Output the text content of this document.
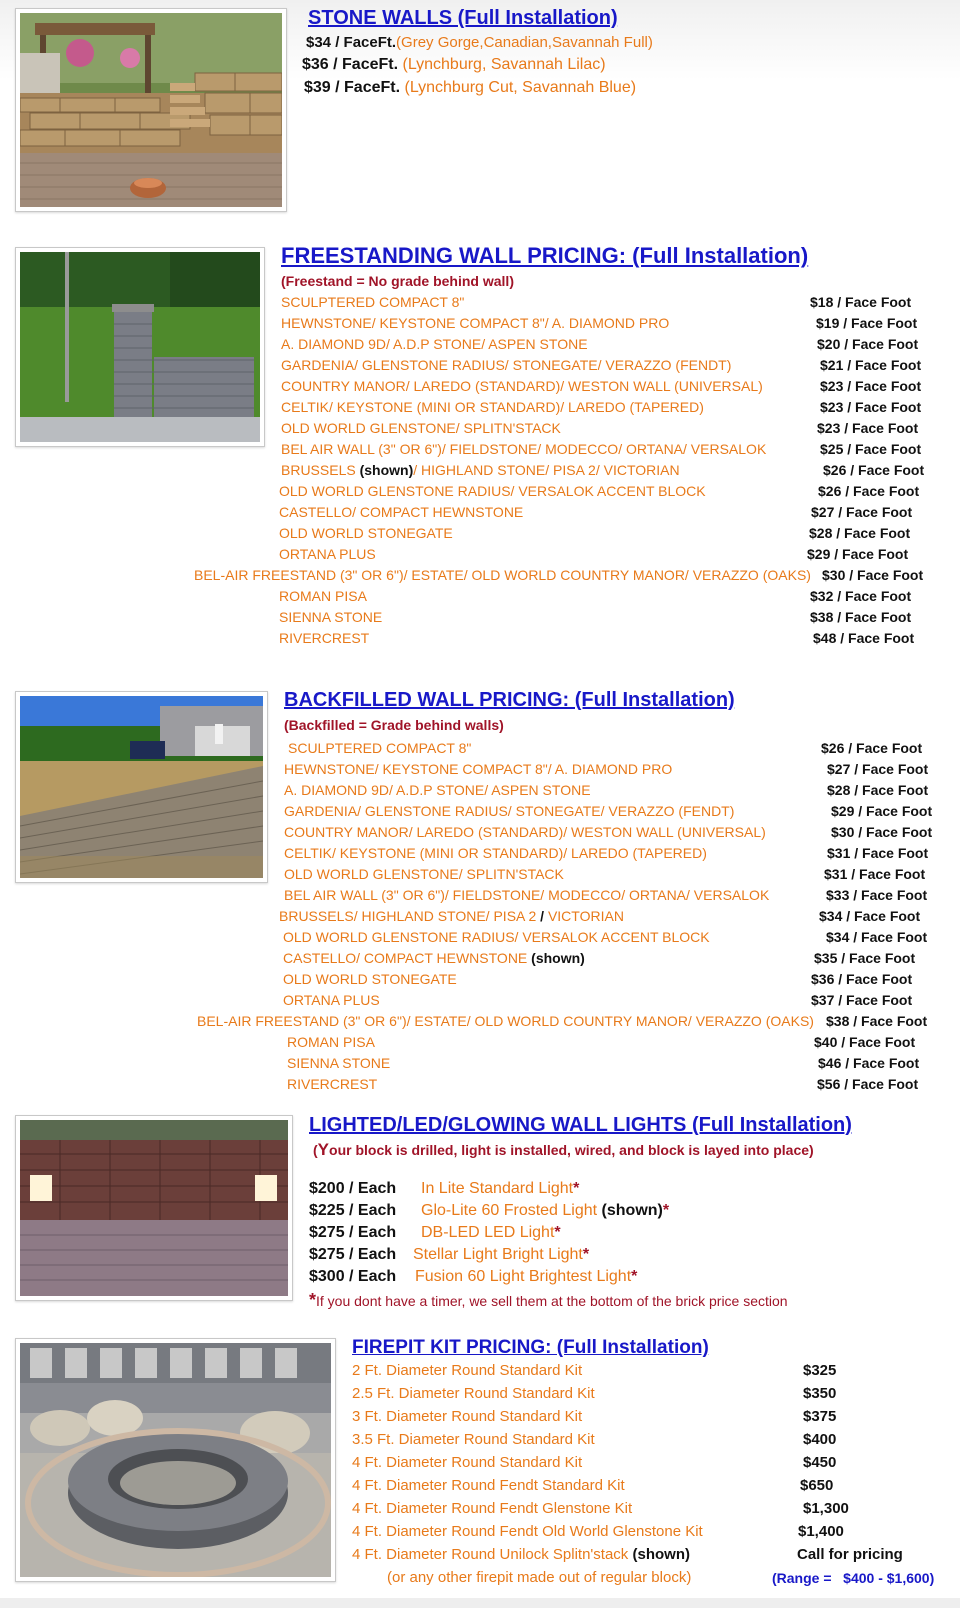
STONE WALLS (Full Installation)
$34 / FaceFt.(Grey Gorge,Canadian,Savannah Full)
$36 / FaceFt. (Lynchburg, Savannah Lilac)
$39 / FaceFt. (Lynchburg Cut, Savannah Blue)
FREESTANDING WALL PRICING: (Full Installation)
(Freestand = No grade behind wall)
SCULPTERED COMPACT 8"	$18 / Face Foot
HEWNSTONE/ KEYSTONE COMPACT 8"/ A. DIAMOND PRO	$19 / Face Foot
A. DIAMOND 9D/ A.D.P STONE/ ASPEN STONE	$20 / Face Foot
GARDENIA/ GLENSTONE RADIUS/ STONEGATE/ VERAZZO (FENDT)	$21 / Face Foot
COUNTRY MANOR/ LAREDO (STANDARD)/ WESTON WALL (UNIVERSAL)	$23 / Face Foot
CELTIK/ KEYSTONE (MINI OR STANDARD)/ LAREDO (TAPERED)	$23 / Face Foot
OLD WORLD GLENSTONE/ SPLITN'STACK	$23 / Face Foot
BEL AIR WALL (3" OR 6")/ FIELDSTONE/ MODECCO/ ORTANA/ VERSALOK	$25 / Face Foot
BRUSSELS (shown)/ HIGHLAND STONE/ PISA 2/ VICTORIAN	$26 / Face Foot
OLD WORLD GLENSTONE RADIUS/ VERSALOK ACCENT BLOCK	$26 / Face Foot
CASTELLO/ COMPACT HEWNSTONE	$27 / Face Foot
OLD WORLD STONEGATE	$28 / Face Foot
ORTANA PLUS	$29 / Face Foot
BEL-AIR FREESTAND (3" OR 6")/ ESTATE/ OLD WORLD COUNTRY MANOR/ VERAZZO (OAKS) $30 / Face Foot
ROMAN PISA	$32 / Face Foot
SIENNA STONE	$38 / Face Foot
RIVERCREST	$48 / Face Foot
BACKFILLED WALL PRICING: (Full Installation)
(Backfilled = Grade behind walls)
SCULPTERED COMPACT 8"	$26 / Face Foot
HEWNSTONE/ KEYSTONE COMPACT 8"/ A. DIAMOND PRO	$27 / Face Foot
A. DIAMOND 9D/ A.D.P STONE/ ASPEN STONE	$28 / Face Foot
GARDENIA/ GLENSTONE RADIUS/ STONEGATE/ VERAZZO (FENDT)	$29 / Face Foot
COUNTRY MANOR/ LAREDO (STANDARD)/ WESTON WALL (UNIVERSAL)	$30 / Face Foot
CELTIK/ KEYSTONE (MINI OR STANDARD)/ LAREDO (TAPERED)	$31 / Face Foot
OLD WORLD GLENSTONE/ SPLITN'STACK	$31 / Face Foot
BEL AIR WALL (3" OR 6")/ FIELDSTONE/ MODECCO/ ORTANA/ VERSALOK	$33 / Face Foot
BRUSSELS/ HIGHLAND STONE/ PISA 2 / VICTORIAN	$34 / Face Foot
OLD WORLD GLENSTONE RADIUS/ VERSALOK ACCENT BLOCK	$34 / Face Foot
CASTELLO/ COMPACT HEWNSTONE (shown)	$35 / Face Foot
OLD WORLD STONEGATE	$36 / Face Foot
ORTANA PLUS	$37 / Face Foot
BEL-AIR FREESTAND (3" OR 6")/ ESTATE/ OLD WORLD COUNTRY MANOR/ VERAZZO (OAKS) $38 / Face Foot
ROMAN PISA	$40 / Face Foot
SIENNA STONE	$46 / Face Foot
RIVERCREST	$56 / Face Foot
LIGHTED/LED/GLOWING WALL LIGHTS (Full Installation)
(Your block is drilled, light is installed, wired, and block is layed into place)
$200 / Each In Lite Standard Light*
$225 / Each Glo-Lite 60 Frosted Light (shown)*
$275 / Each DB-LED LED Light*
$275 / Each Stellar Light Bright Light*
$300 / Each Fusion 60 Light Brightest Light*
*If you dont have a timer, we sell them at the bottom of the brick price section
FIREPIT KIT PRICING: (Full Installation)
2 Ft. Diameter Round Standard Kit	$325
2.5 Ft. Diameter Round Standard Kit	$350
3 Ft. Diameter Round Standard Kit	$375
3.5 Ft. Diameter Round Standard Kit	$400
4 Ft. Diameter Round Standard Kit	$450
4 Ft. Diameter Round Fendt Standard Kit	$650
4 Ft. Diameter Round Fendt Glenstone Kit	$1,300
4 Ft. Diameter Round Fendt Old World Glenstone Kit	$1,400
4 Ft. Diameter Round Unilock Splitn'stack (shown)	Call for pricing
(or any other firepit made out of regular block)	(Range =   $400 - $1,600)
